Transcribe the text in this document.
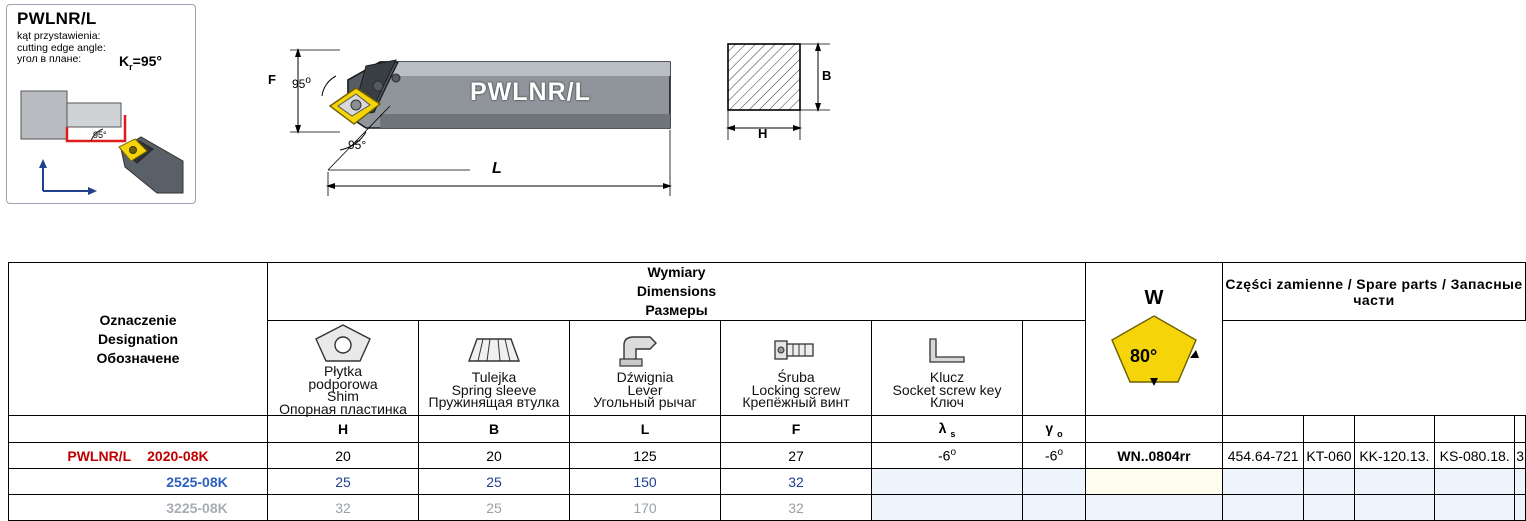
PWLNR/L
kąt przystawienia:
cutting edge angle:
угол в плане:	$K_r=95^\circ$
95°
F 95$^o$
95°
L
PWLNR/L
B
H
Oznaczenie
Designation
Обозначене

Wymiary
Dimensions
Размеры

W
80°
	Części zamienne / Spare parts / Запасные части

Płytka
podporowa
Shim
Опорная пластинка

Tulejka
Spring sleeve
Пружинящая втулка

Dźwignia
Lever
Угольный рычаг

Śruba
Locking screw
Крепёжный винт

Klucz
Socket screw key
Ключ

	H	B	L	F	λ $_s$	γ $_o$						
PWLNR/L 2020-08K	20	20	125	27	-6$^o$	-6$^o$	WN..0804rr	454.64-721	KT-060	KK-120.13.	KS-080.18.	3
2525-08K	25	25	150	32								
3225-08K	32	25	170	32								
